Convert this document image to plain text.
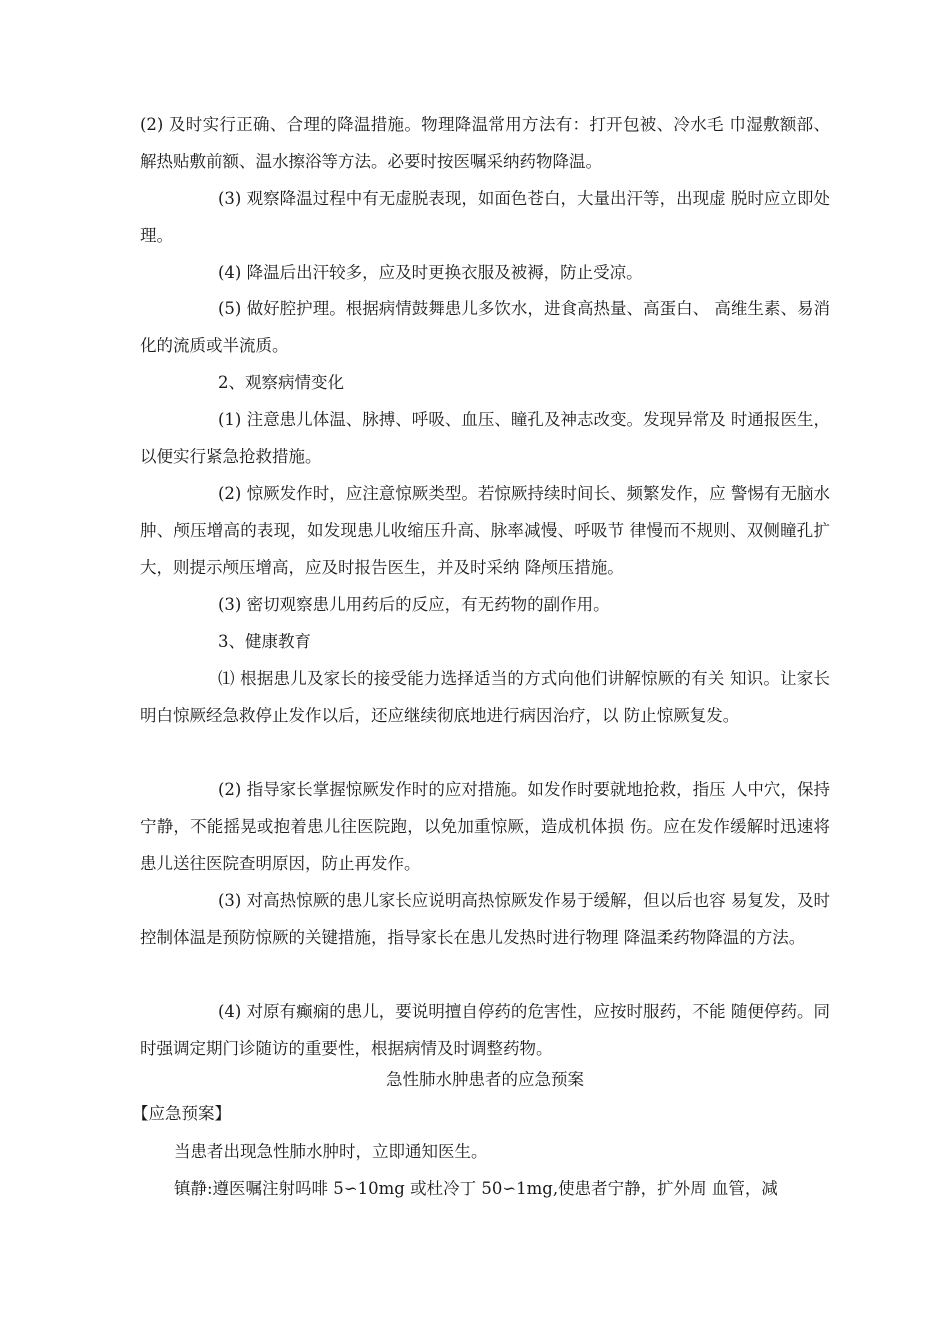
(2) 及时实行正确、合理的降温措施。物理降温常用方法有：打开包被、冷水毛 巾湿敷额部、解热贴敷前额、温水擦浴等方法。必要时按医嘱采纳药物降温。

(3) 观察降温过程中有无虚脱表现，如面色苍白，大量出汗等，出现虚 脱时应立即处理。

(4) 降温后出汗较多，应及时更换衣服及被褥，防止受凉。

(5) 做好腔护理。根据病情鼓舞患儿多饮水，进食高热量、高蛋白、 高维生素、易消化的流质或半流质。

2、观察病情变化

(1) 注意患儿体温、脉搏、呼吸、血压、瞳孔及神志改变。发现异常及 时通报医生，以便实行紧急抢救措施。

(2) 惊厥发作时，应注意惊厥类型。若惊厥持续时间长、频繁发作，应 警惕有无脑水肿、颅压增高的表现，如发现患儿收缩压升高、脉率减慢、呼吸节 律慢而不规则、双侧瞳孔扩大，则提示颅压增高，应及时报告医生，并及时采纳 降颅压措施。

(3) 密切观察患儿用药后的反应，有无药物的副作用。

3、健康教育

⑴ 根据患儿及家长的接受能力选择适当的方式向他们讲解惊厥的有关 知识。让家长明白惊厥经急救停止发作以后，还应继续彻底地进行病因治疗，以 防止惊厥复发。

(2) 指导家长掌握惊厥发作时的应对措施。如发作时要就地抢救，指压 人中穴，保持宁静，不能摇晃或抱着患儿往医院跑，以免加重惊厥，造成机体损 伤。应在发作缓解时迅速将患儿送往医院查明原因，防止再发作。

(3) 对高热惊厥的患儿家长应说明高热惊厥发作易于缓解，但以后也容 易复发，及时控制体温是预防惊厥的关键措施，指导家长在患儿发热时进行物理 降温柔药物降温的方法。

(4) 对原有癫痫的患儿，要说明擅自停药的危害性，应按时服药，不能 随便停药。同时强调定期门诊随访的重要性，根据病情及时调整药物。

急性肺水肿患者的应急预案

【应急预案】

当患者出现急性肺水肿时，立即通知医生。

镇静:遵医嘱注射吗啡 5∽10mg 或杜冷丁 50∽1mg,使患者宁静，扩外周 血管，减
